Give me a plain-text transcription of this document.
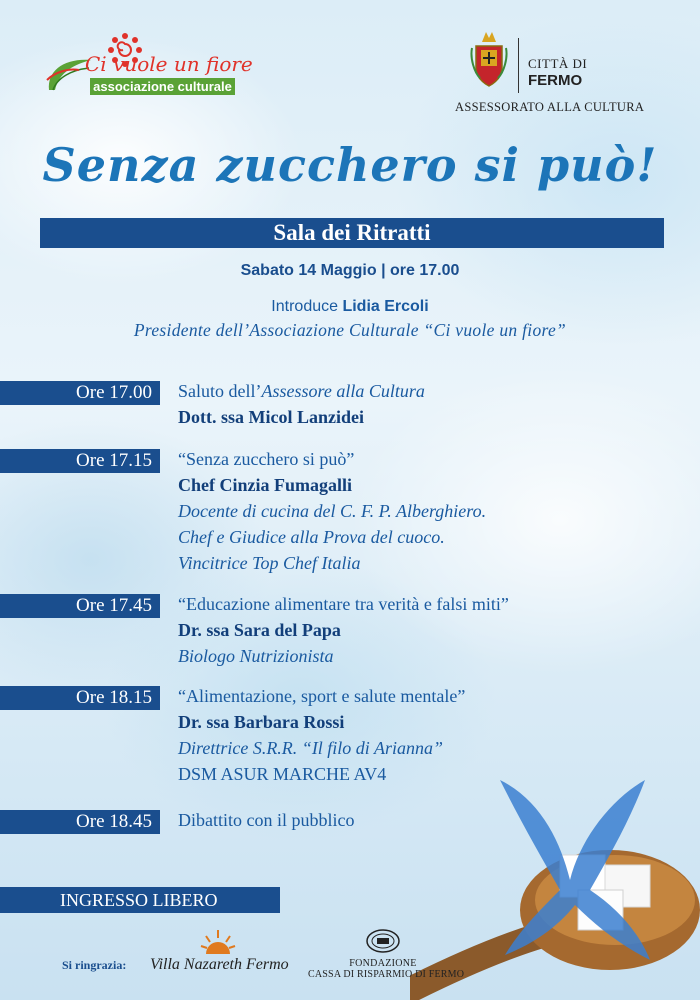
Ci vuole un fiore
associazione culturale
CITTÀ DI
FERMO
ASSESSORATO ALLA CULTURA
Senza zucchero si può!
Sala dei Ritratti
Sabato 14 Maggio | ore 17.00
Introduce Lidia Ercoli
Presidente dell’Associazione Culturale “Ci vuole un fiore”
Ore 17.00	Saluto dell’Assessore alla Cultura
Dott. ssa Micol Lanzidei
Ore 17.15	“Senza zucchero si può”
Chef Cinzia Fumagalli
Docente di cucina del C. F. P. Alberghiero.
Chef e Giudice alla Prova del cuoco.
Vincitrice Top Chef Italia
Ore 17.45	“Educazione alimentare tra verità e falsi miti”
Dr. ssa Sara del Papa
Biologo Nutrizionista
Ore 18.15	“Alimentazione, sport e salute mentale”
Dr. ssa Barbara Rossi
Direttrice S.R.R. “Il filo di Arianna”
DSM ASUR MARCHE AV4
Ore 18.45	Dibattito con il pubblico
INGRESSO LIBERO
Si ringrazia: Villa Nazareth Fermo	FONDAZIONE
CASSA DI RISPARMIO DI FERMO
